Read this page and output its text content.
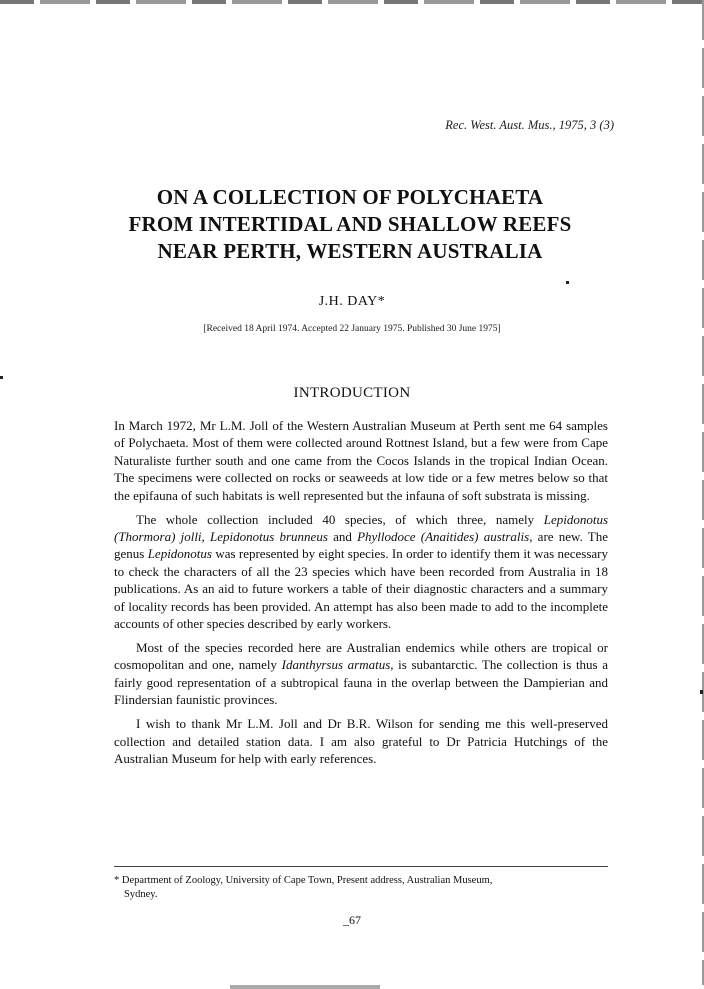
Rec. West. Aust. Mus., 1975, 3 (3)
ON A COLLECTION OF POLYCHAETA
FROM INTERTIDAL AND SHALLOW REEFS
NEAR PERTH, WESTERN AUSTRALIA
J.H. DAY*
[Received 18 April 1974. Accepted 22 January 1975. Published 30 June 1975]
INTRODUCTION

In March 1972, Mr L.M. Joll of the Western Australian Museum at Perth sent me 64 samples of Polychaeta. Most of them were collected around Rottnest Island, but a few were from Cape Naturaliste further south and one came from the Cocos Islands in the tropical Indian Ocean. The specimens were collected on rocks or seaweeds at low tide or a few metres below so that the epifauna of such habitats is well represented but the infauna of soft substrata is missing.

The whole collection included 40 species, of which three, namely Lepidonotus (Thormora) jolli, Lepidonotus brunneus and Phyllodoce (Anaitides) australis, are new. The genus Lepidonotus was represented by eight species. In order to identify them it was necessary to check the characters of all the 23 species which have been recorded from Australia in 18 publications. As an aid to future workers a table of their diagnostic characters and a summary of locality records has been provided. An attempt has also been made to add to the incomplete accounts of other species described by early workers.

Most of the species recorded here are Australian endemics while others are tropical or cosmopolitan and one, namely Idanthyrsus armatus, is subantarctic. The collection is thus a fairly good representation of a subtropical fauna in the overlap between the Dampierian and Flindersian faunistic provinces.

I wish to thank Mr L.M. Joll and Dr B.R. Wilson for sending me this well-preserved collection and detailed station data. I am also grateful to Dr Patricia Hutchings of the Australian Museum for help with early references.

* Department of Zoology, University of Cape Town, Present address, Australian Museum,
Sydney.
_67
